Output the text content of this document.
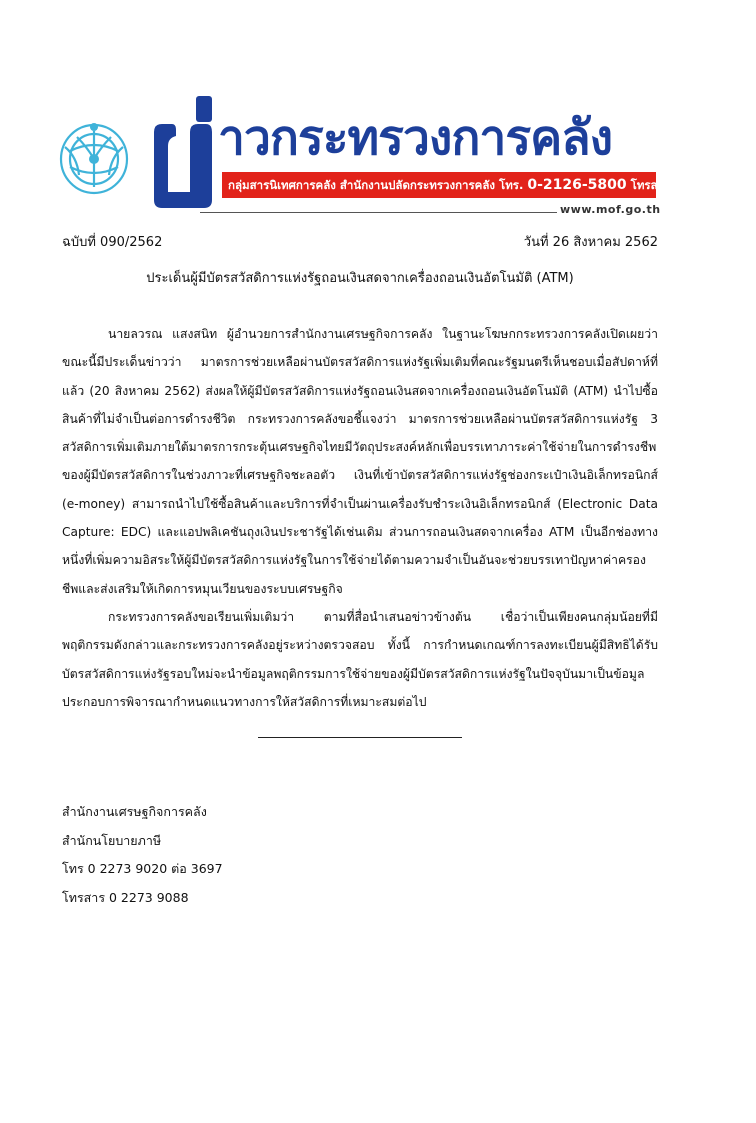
าวกระทรวงการคลัง
กลุ่มสารนิเทศการคลัง สำนักงานปลัดกระทรวงการคลัง โทร. 0-2126-5800 โทรสาร 0-2273-9763
www.mof.go.th
ฉบับที่ 090/2562	วันที่ 26 สิงหาคม 2562
ประเด็นผู้มีบัตรสวัสดิการแห่งรัฐถอนเงินสดจากเครื่องถอนเงินอัตโนมัติ (ATM)

นายลวรณ แสงสนิท ผู้อำนวยการสำนักงานเศรษฐกิจการคลัง ในฐานะโฆษกกระทรวงการคลังเปิดเผยว่า ขณะนี้มีประเด็นข่าวว่า มาตรการช่วยเหลือผ่านบัตรสวัสดิการแห่งรัฐเพิ่มเติมที่คณะรัฐมนตรีเห็นชอบเมื่อสัปดาห์ที่แล้ว (20 สิงหาคม 2562) ส่งผลให้ผู้มีบัตรสวัสดิการแห่งรัฐถอนเงินสดจากเครื่องถอนเงินอัตโนมัติ (ATM) นำไปซื้อสินค้าที่ไม่จำเป็นต่อการดำรงชีวิต กระทรวงการคลังขอชี้แจงว่า มาตรการช่วยเหลือผ่านบัตรสวัสดิการแห่งรัฐ 3 สวัสดิการเพิ่มเติมภายใต้มาตรการกระตุ้นเศรษฐกิจไทยมีวัตถุประสงค์หลักเพื่อบรรเทาภาระค่าใช้จ่ายในการดำรงชีพของผู้มีบัตรสวัสดิการในช่วงภาวะที่เศรษฐกิจชะลอตัว เงินที่เข้าบัตรสวัสดิการแห่งรัฐช่องกระเป๋าเงินอิเล็กทรอนิกส์ (e-money) สามารถนำไปใช้ซื้อสินค้าและบริการที่จำเป็นผ่านเครื่องรับชำระเงินอิเล็กทรอนิกส์ (Electronic Data Capture: EDC) และแอปพลิเคชันถุงเงินประชารัฐได้เช่นเดิม ส่วนการถอนเงินสดจากเครื่อง ATM เป็นอีกช่องทางหนึ่งที่เพิ่มความอิสระให้ผู้มีบัตรสวัสดิการแห่งรัฐในการใช้จ่ายได้ตามความจำเป็นอันจะช่วยบรรเทาปัญหาค่าครองชีพและส่งเสริมให้เกิดการหมุนเวียนของระบบเศรษฐกิจ

กระทรวงการคลังขอเรียนเพิ่มเติมว่า ตามที่สื่อนำเสนอข่าวข้างต้น เชื่อว่าเป็นเพียงคนกลุ่มน้อยที่มีพฤติกรรมดังกล่าวและกระทรวงการคลังอยู่ระหว่างตรวจสอบ ทั้งนี้ การกำหนดเกณฑ์การลงทะเบียนผู้มีสิทธิได้รับบัตรสวัสดิการแห่งรัฐรอบใหม่จะนำข้อมูลพฤติกรรมการใช้จ่ายของผู้มีบัตรสวัสดิการแห่งรัฐในปัจจุบันมาเป็นข้อมูลประกอบการพิจารณากำหนดแนวทางการให้สวัสดิการที่เหมาะสมต่อไป

สำนักงานเศรษฐกิจการคลัง
สำนักนโยบายภาษี
โทร 0 2273 9020 ต่อ 3697
โทรสาร 0 2273 9088
